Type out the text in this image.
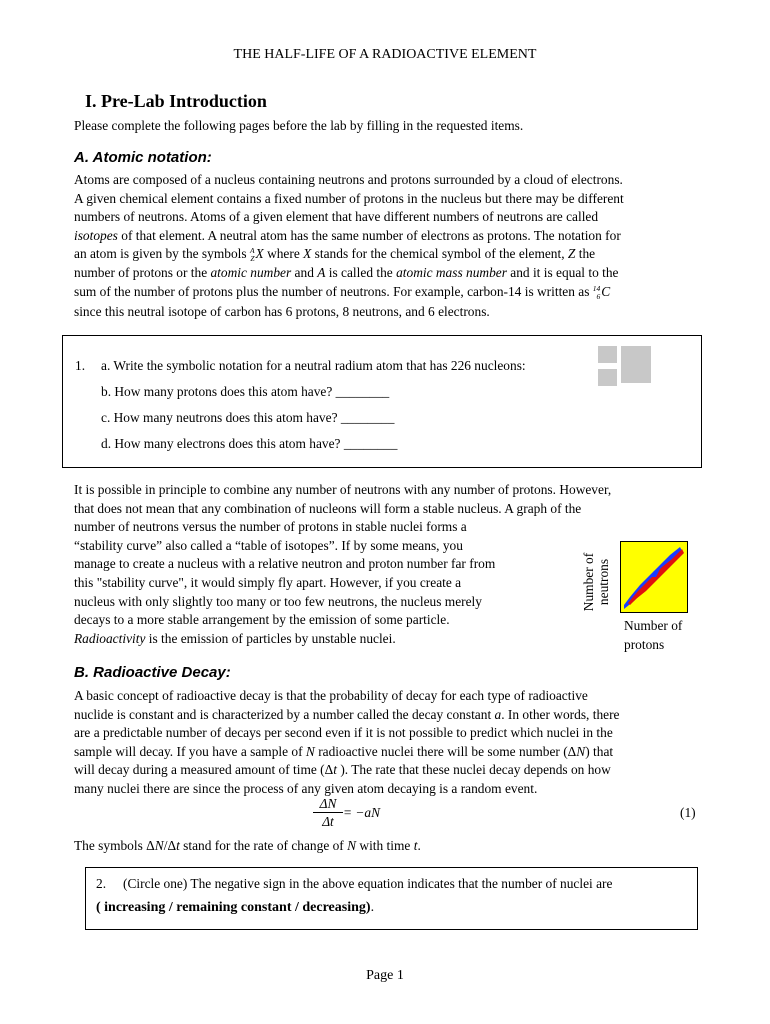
THE HALF-LIFE OF A RADIOACTIVE ELEMENT
I. Pre-Lab Introduction
Please complete the following pages before the lab by filling in the requested items.
A. Atomic notation:
Atoms are composed of a nucleus containing neutrons and protons surrounded by a cloud of electrons.
A given chemical element contains a fixed number of protons in the nucleus but there may be different
numbers of neutrons. Atoms of a given element that have different numbers of neutrons are called
isotopes of that element. A neutral atom has the same number of electrons as protons. The notation for
an atom is given by the symbols A
ZX where X stands for the chemical symbol of the element, Z the
number of protons or the atomic number and A is called the atomic mass number and it is equal to the
sum of the number of protons plus the number of neutrons. For example, carbon-14 is written as 14
6C
since this neutral isotope of carbon has 6 protons, 8 neutrons, and 6 electrons.
1. a. Write the symbolic notation for a neutral radium atom that has 226 nucleons:
b. How many protons does this atom have? ________
c. How many neutrons does this atom have? ________
d. How many electrons does this atom have? ________
It is possible in principle to combine any number of neutrons with any number of protons. However,
that does not mean that any combination of nucleons will form a stable nucleus. A graph of the
number of neutrons versus the number of protons in stable nuclei forms a
“stability curve” also called a “table of isotopes”. If by some means, you
manage to create a nucleus with a relative neutron and proton number far from
this "stability curve", it would simply fly apart. However, if you create a
nucleus with only slightly too many or too few neutrons, the nucleus merely
decays to a more stable arrangement by the emission of some particle.
Radioactivity is the emission of particles by unstable nuclei.
Number of neutrons
Number of
protons
B. Radioactive Decay:
A basic concept of radioactive decay is that the probability of decay for each type of radioactive
nuclide is constant and is characterized by a number called the decay constant a. In other words, there
are a predictable number of decays per second even if it is not possible to predict which nuclei in the
sample will decay. If you have a sample of N radioactive nuclei there will be some number (ΔN) that
will decay during a measured amount of time (Δt ). The rate that these nuclei decay depends on how
many nuclei there are since the process of any given atom decaying is a random event.
$\frac{\Delta N}{\Delta t} = -aN$	(1)
The symbols ΔN/Δt stand for the rate of change of N with time t.
2. (Circle one) The negative sign in the above equation indicates that the number of nuclei are
( increasing / remaining constant / decreasing).
Page 1
